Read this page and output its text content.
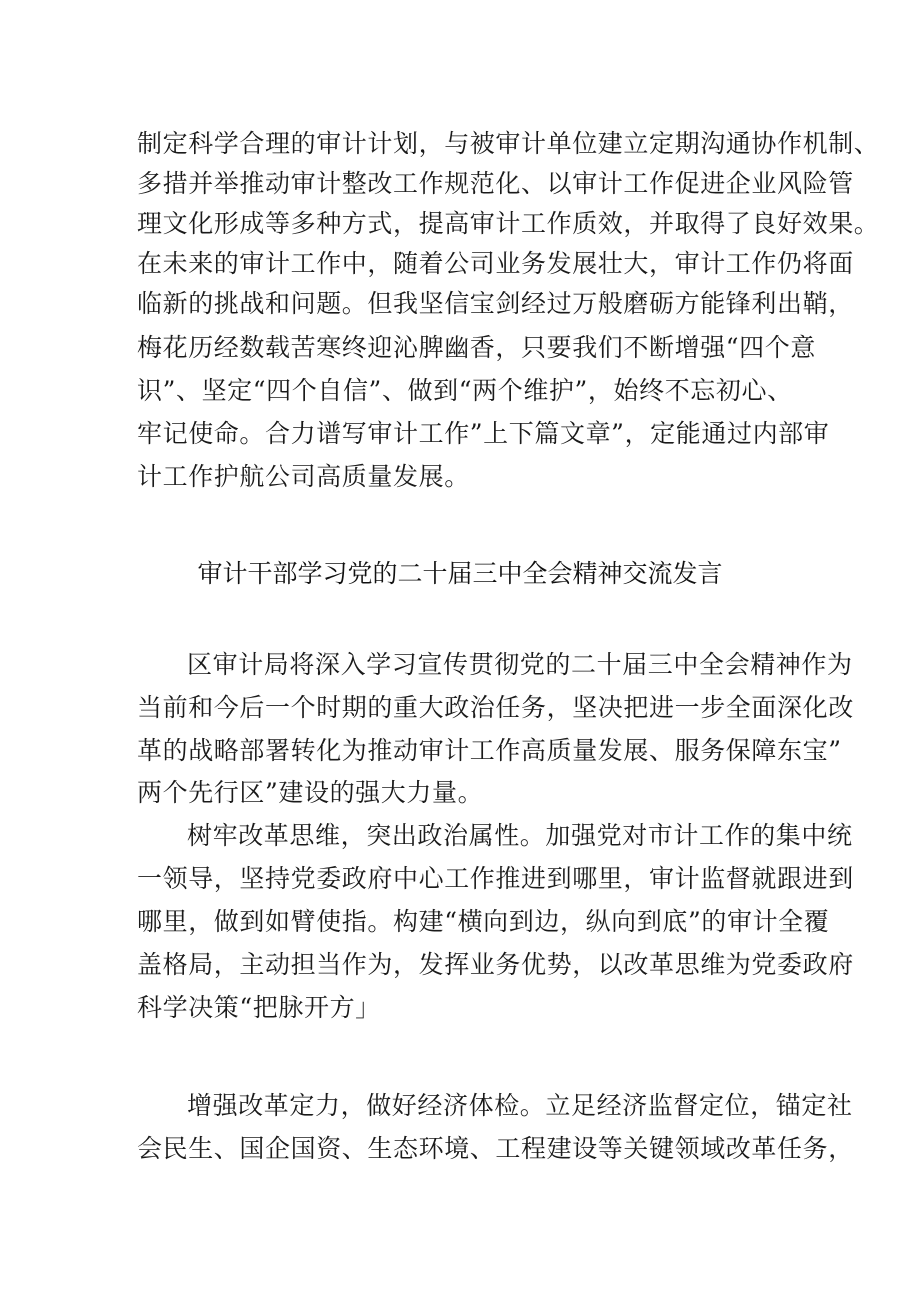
制定科学合理的审计计划，与被审计单位建立定期沟通协作机制、
多措并举推动审计整改工作规范化、以审计工作促进企业风险管
理文化形成等多种方式，提高审计工作质效，并取得了良好效果。
在未来的审计工作中，随着公司业务发展壮大，审计工作仍将面
临新的挑战和问题。但我坚信宝剑经过万般磨砺方能锋利出鞘，
梅花历经数载苦寒终迎沁脾幽香，只要我们不断增强“四个意
识”、坚定“四个自信”、做到“两个维护”，始终不忘初心、
牢记使命。合力谱写审计工作”上下篇文章”，定能通过内部审
计工作护航公司高质量发展。
审计干部学习党的二十届三中全会精神交流发言
区审计局将深入学习宣传贯彻党的二十届三中全会精神作为
当前和今后一个时期的重大政治任务，坚决把进一步全面深化改
革的战略部署转化为推动审计工作高质量发展、服务保障东宝”
两个先行区”建设的强大力量。
树牢改革思维，突出政治属性。加强党对市计工作的集中统
一领导，坚持党委政府中心工作推进到哪里，审计监督就跟进到
哪里，做到如臂使指。构建“横向到边，纵向到底”的审计全覆
盖格局，主动担当作为，发挥业务优势，以改革思维为党委政府
科学决策“把脉开方」
增强改革定力，做好经济体检。立足经济监督定位，锚定社
会民生、国企国资、生态环境、工程建设等关键领域改革任务，
